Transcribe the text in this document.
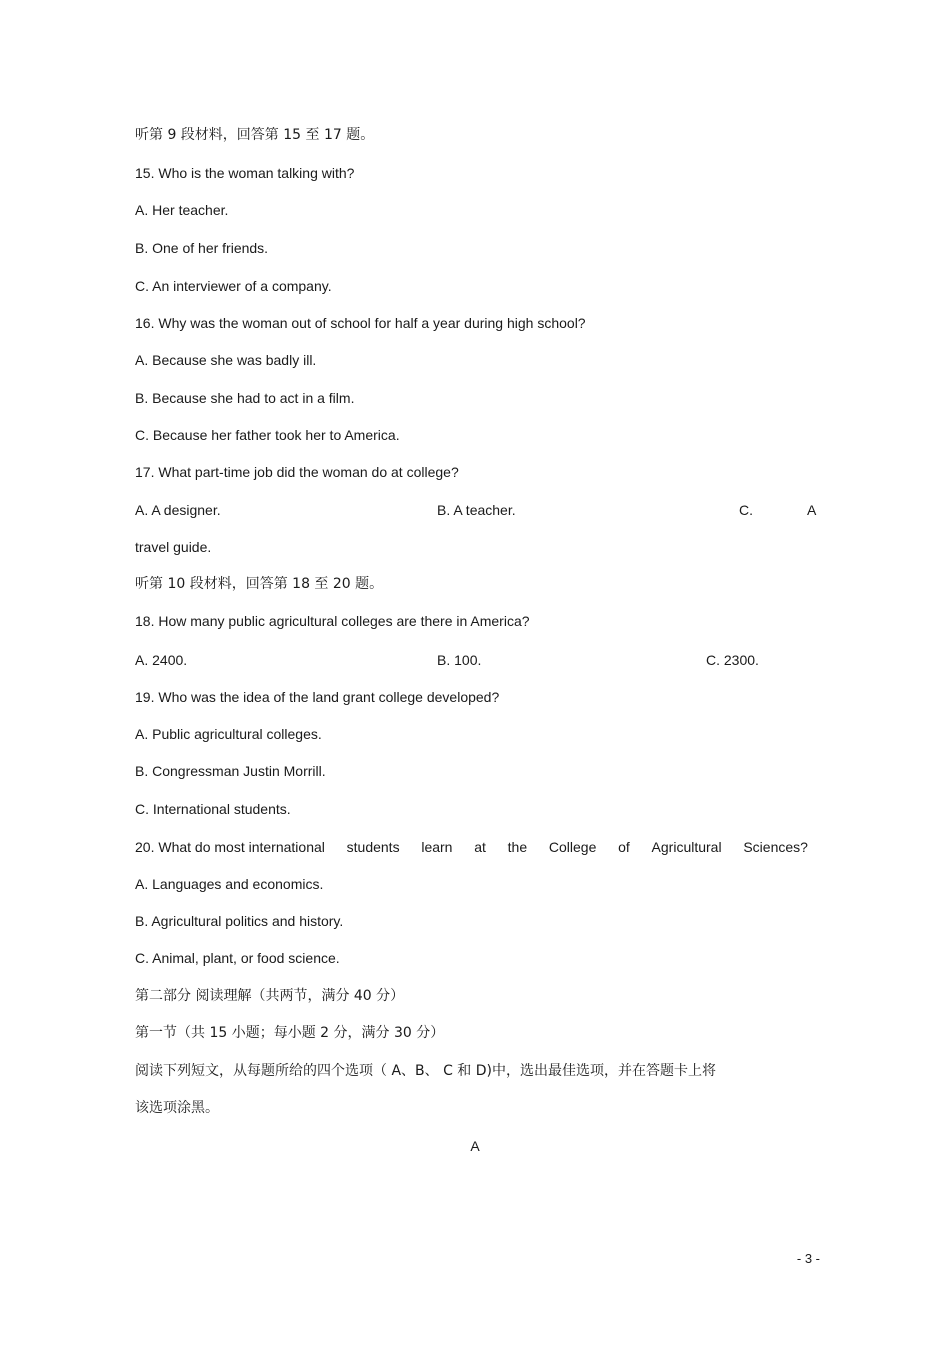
听第 9 段材料，回答第 15 至 17 题。
15. Who is the woman talking with?
A. Her teacher.
B. One of her friends.
C. An interviewer of a company.
16. Why was the woman out of school for half a year during high school?
A. Because she was badly ill.
B. Because she had to act in a film.
C. Because her father took her to America.
17. What part-time job did the woman do at college?
A. A designer.	B. A teacher.	C.	A
travel guide.
听第 10 段材料，回答第 18 至 20 题。
18. How many public agricultural colleges are there in America?
A. 2400.	B. 100.	C. 2300.
19. Who was the idea of the land grant college developed?
A. Public agricultural colleges.
B. Congressman Justin Morrill.
C. International students.
20. What do most international students learn at the College of Agricultural Sciences?
A. Languages and economics.
B. Agricultural politics and history.
C. Animal, plant, or food science.
第二部分 阅读理解（共两节，满分 40 分）
第一节（共 15 小题；每小题 2 分，满分 30 分）
阅读下列短文，从每题所给的四个选项（ A、B、 C 和 D)中，选出最佳选项，并在答题卡上将
该选项涂黑。
A
- 3 -
